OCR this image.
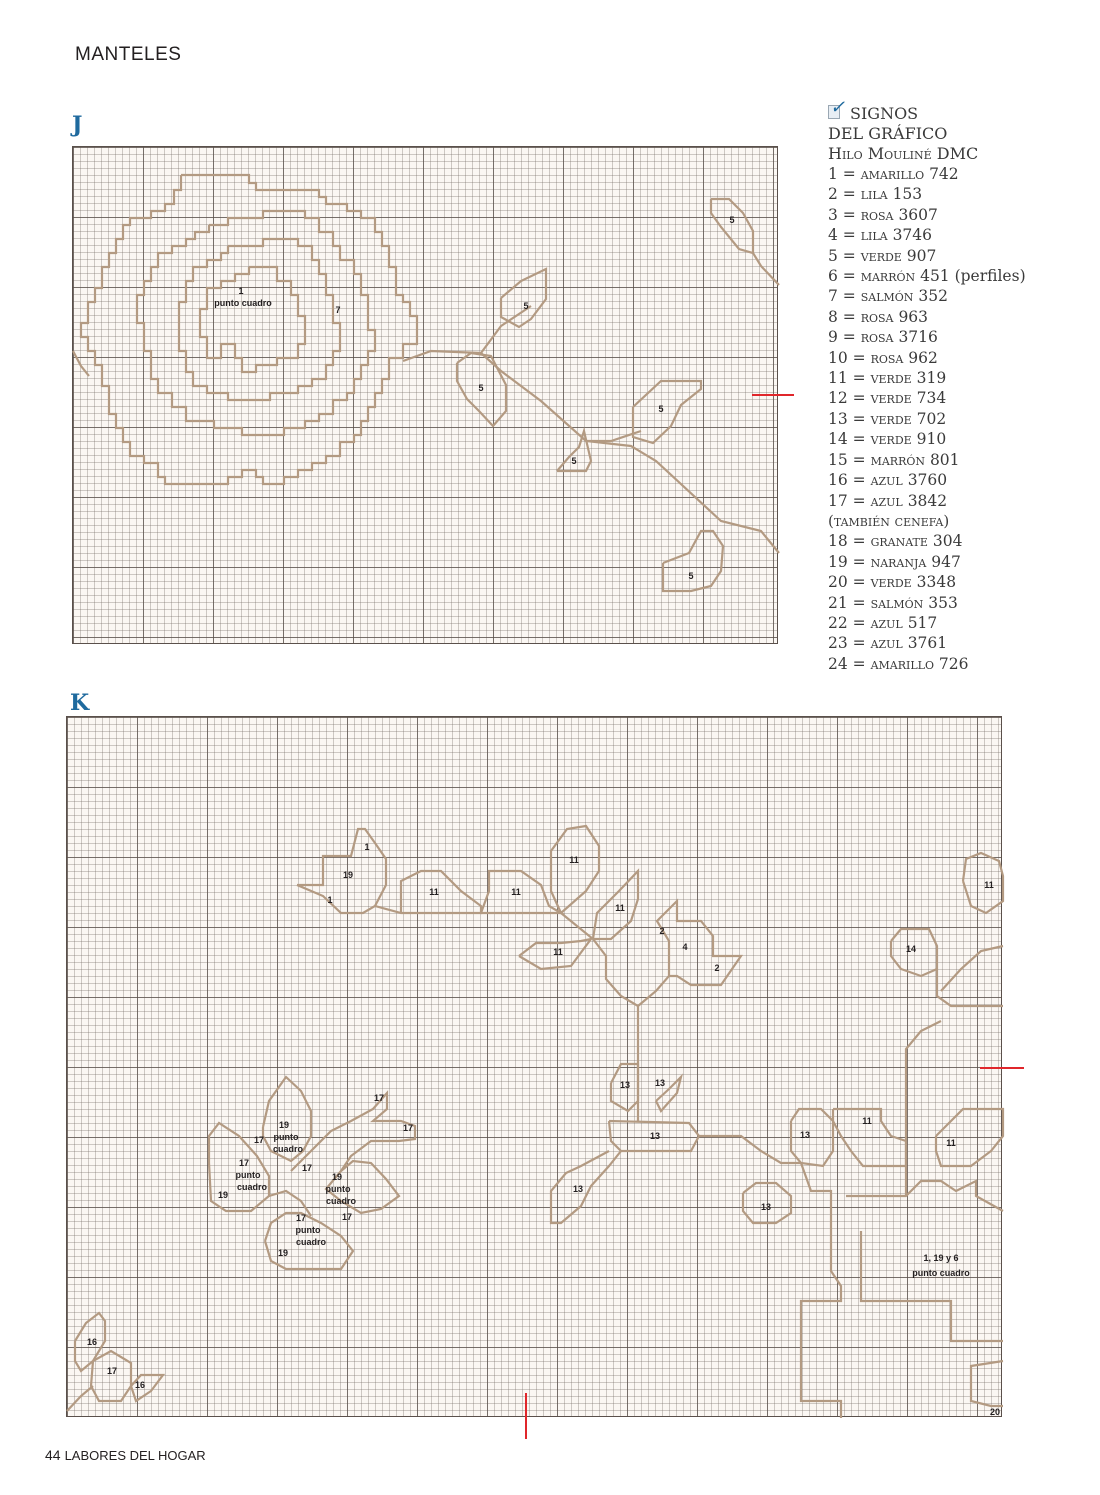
MANTELES
J
1
punto cuadro
7	5
5
5
5
5
5
✓ SIGNOS
DEL GRÁFICO
Hilo Mouliné DMC
1 = amarillo 742
2 = lila 153
3 = rosa 3607
4 = lila 3746
5 = verde 907
6 = marrón 451 (perfiles)
7 = salmón 352
8 = rosa 963
9 = rosa 3716
10 = rosa 962
11 = verde 319
12 = verde 734
13 = verde 702
14 = verde 910
15 = marrón 801
16 = azul 3760
17 = azul 3842
(también cenefa)
18 = granate 304
19 = naranja 947
20 = verde 3348
21 = salmón 353
22 = azul 517
23 = azul 3761
24 = amarillo 726
K
1
19
1
11	11
11
11
11
2
4
2
14
11
13	13
13
13
13
13
11
11
17
17
19
punto
cuadro
17
17
punto
cuadro
19
17
19
punto
cuadro
17	17
punto
cuadro
19	1, 19 y 6
punto cuadro
16
17
16
20
44 LABORES DEL HOGAR
